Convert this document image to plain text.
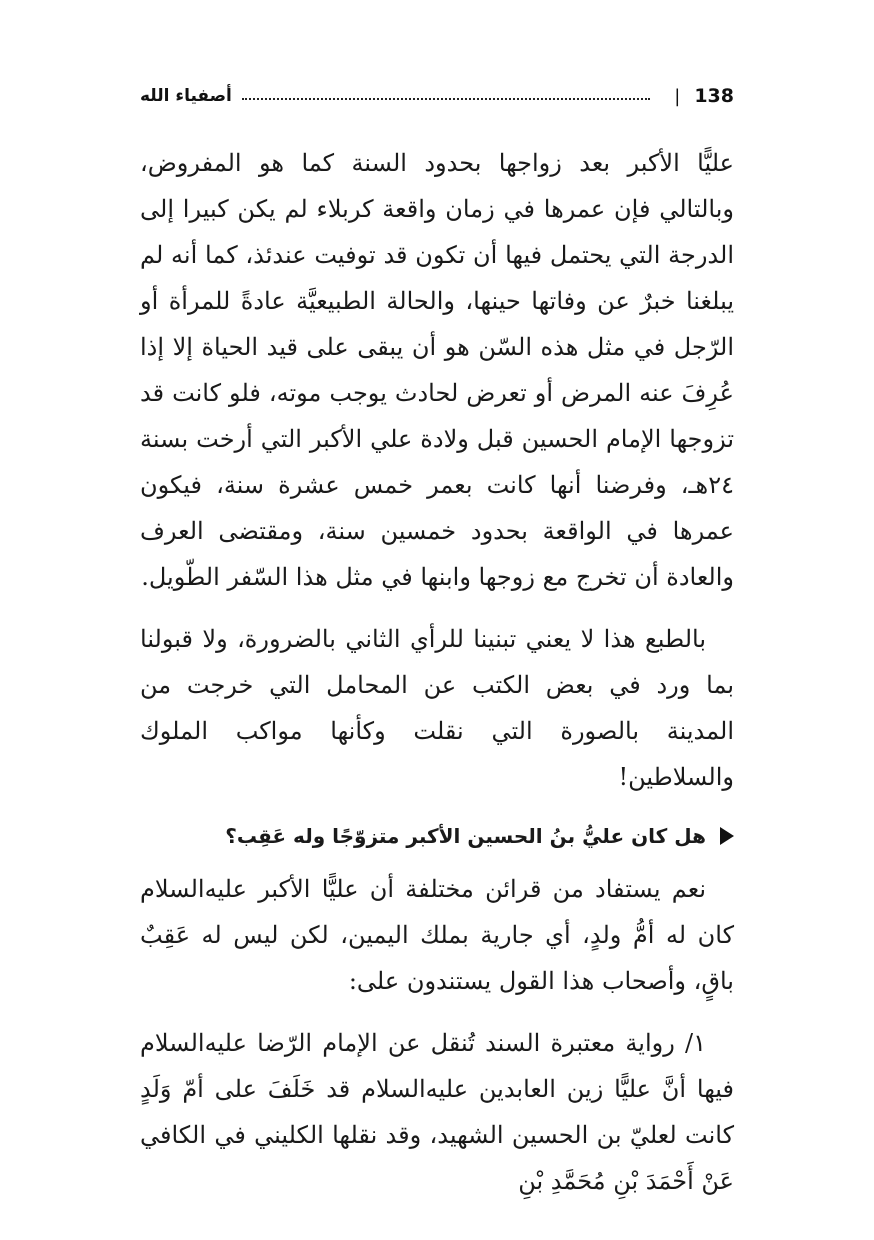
138
|
أصفياء الله

عليًّا الأكبر بعد زواجها بحدود السنة كما هو المفروض، وبالتالي فإن عمرها في زمان واقعة كربلاء لم يكن كبيرا إلى الدرجة التي يحتمل فيها أن تكون قد توفيت عندئذ، كما أنه لم يبلغنا خبرٌ عن وفاتها حينها، والحالة الطبيعيَّة عادةً للمرأة أو الرّجل في مثل هذه السّن هو أن يبقى على قيد الحياة إلا إذا عُرِفَ عنه المرض أو تعرض لحادث يوجب موته، فلو كانت قد تزوجها الإمام الحسين قبل ولادة علي الأكبر التي أرخت بسنة ٢٤هـ، وفرضنا أنها كانت بعمر خمس عشرة سنة، فيكون عمرها في الواقعة بحدود خمسين سنة، ومقتضى العرف والعادة أن تخرج مع زوجها وابنها في مثل هذا السّفر الطّويل.

بالطبع هذا لا يعني تبنينا للرأي الثاني بالضرورة، ولا قبولنا بما ورد في بعض الكتب عن المحامل التي خرجت من المدينة بالصورة التي نقلت وكأنها مواكب الملوك والسلاطين!

هل كان عليُّ بنُ الحسين الأكبر متزوّجًا وله عَقِب؟

نعم يستفاد من قرائن مختلفة أن عليًّا الأكبر عليه‌السلام كان له أمُّ ولدٍ، أي جارية بملك اليمين، لكن ليس له عَقِبٌ باقٍ، وأصحاب هذا القول يستندون على:

١/ رواية معتبرة السند تُنقل عن الإمام الرّضا عليه‌السلام فيها أنَّ عليًّا زين العابدين عليه‌السلام قد خَلَفَ على أمّ وَلَدٍ كانت لعليّ بن الحسين الشهيد، وقد نقلها الكليني في الكافي عَنْ أَحْمَدَ بْنِ مُحَمَّدِ بْنِ
